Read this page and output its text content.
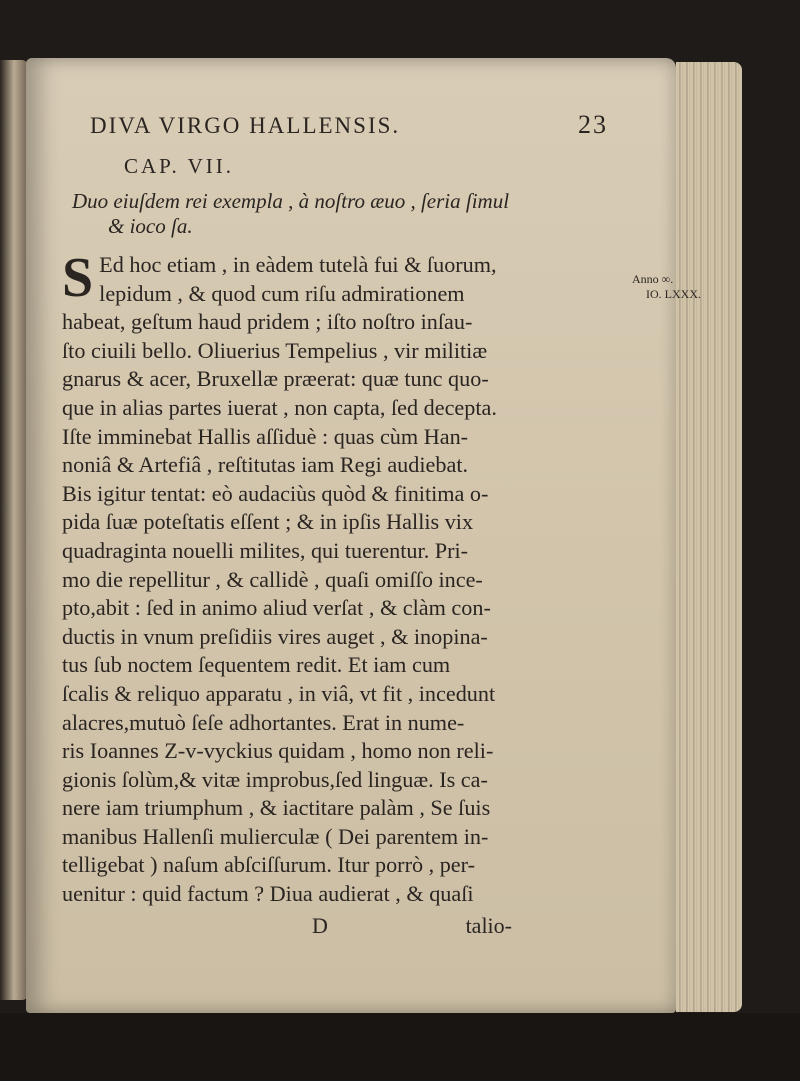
DIVA VIRGO HALLENSIS.	23
CAP. VII.
Duo eiuſdem rei exempla , à noſtro æuo , ſeria ſimul
& ioco ſa.
S Ed hoc etiam , in eàdem tutelà fui & ſuorum,
lepidum , & quod cum riſu admirationem
habeat, geſtum haud pridem ; iſto noſtro inſau-
ſto ciuili bello. Oliuerius Tempelius , vir militiæ
gnarus & acer, Bruxellæ præerat: quæ tunc quo-
que in alias partes iuerat , non capta, ſed decepta.
Iſte imminebat Hallis aſſiduè : quas cùm Han-
noniâ & Artefiâ , reſtitutas iam Regi audiebat.
Bis igitur tentat: eò audaciùs quòd & finitima o-
pida ſuæ poteſtatis eſſent ; & in ipſis Hallis vix
quadraginta nouelli milites, qui tuerentur. Pri-
mo die repellitur , & callidè , quaſi omiſſo ince-
pto,abit : ſed in animo aliud verſat , & clàm con-
ductis in vnum preſidiis vires auget , & inopina-
tus ſub noctem ſequentem redit. Et iam cum
ſcalis & reliquo apparatu , in viâ, vt fit , incedunt
alacres,mutuò ſeſe adhortantes. Erat in nume-
ris Ioannes Z-v-vyckius quidam , homo non reli-
gionis ſolùm,& vitæ improbus,ſed linguæ. Is ca-
nere iam triumphum , & iactitare palàm , Se ſuis
manibus Hallenſi mulierculæ ( Dei parentem in-
telligebat ) naſum abſciſſurum. Itur porrò , per-
uenitur : quid factum ? Diua audierat , & quaſi
D	talio-
Anno ∞.
IO. LXXX.
